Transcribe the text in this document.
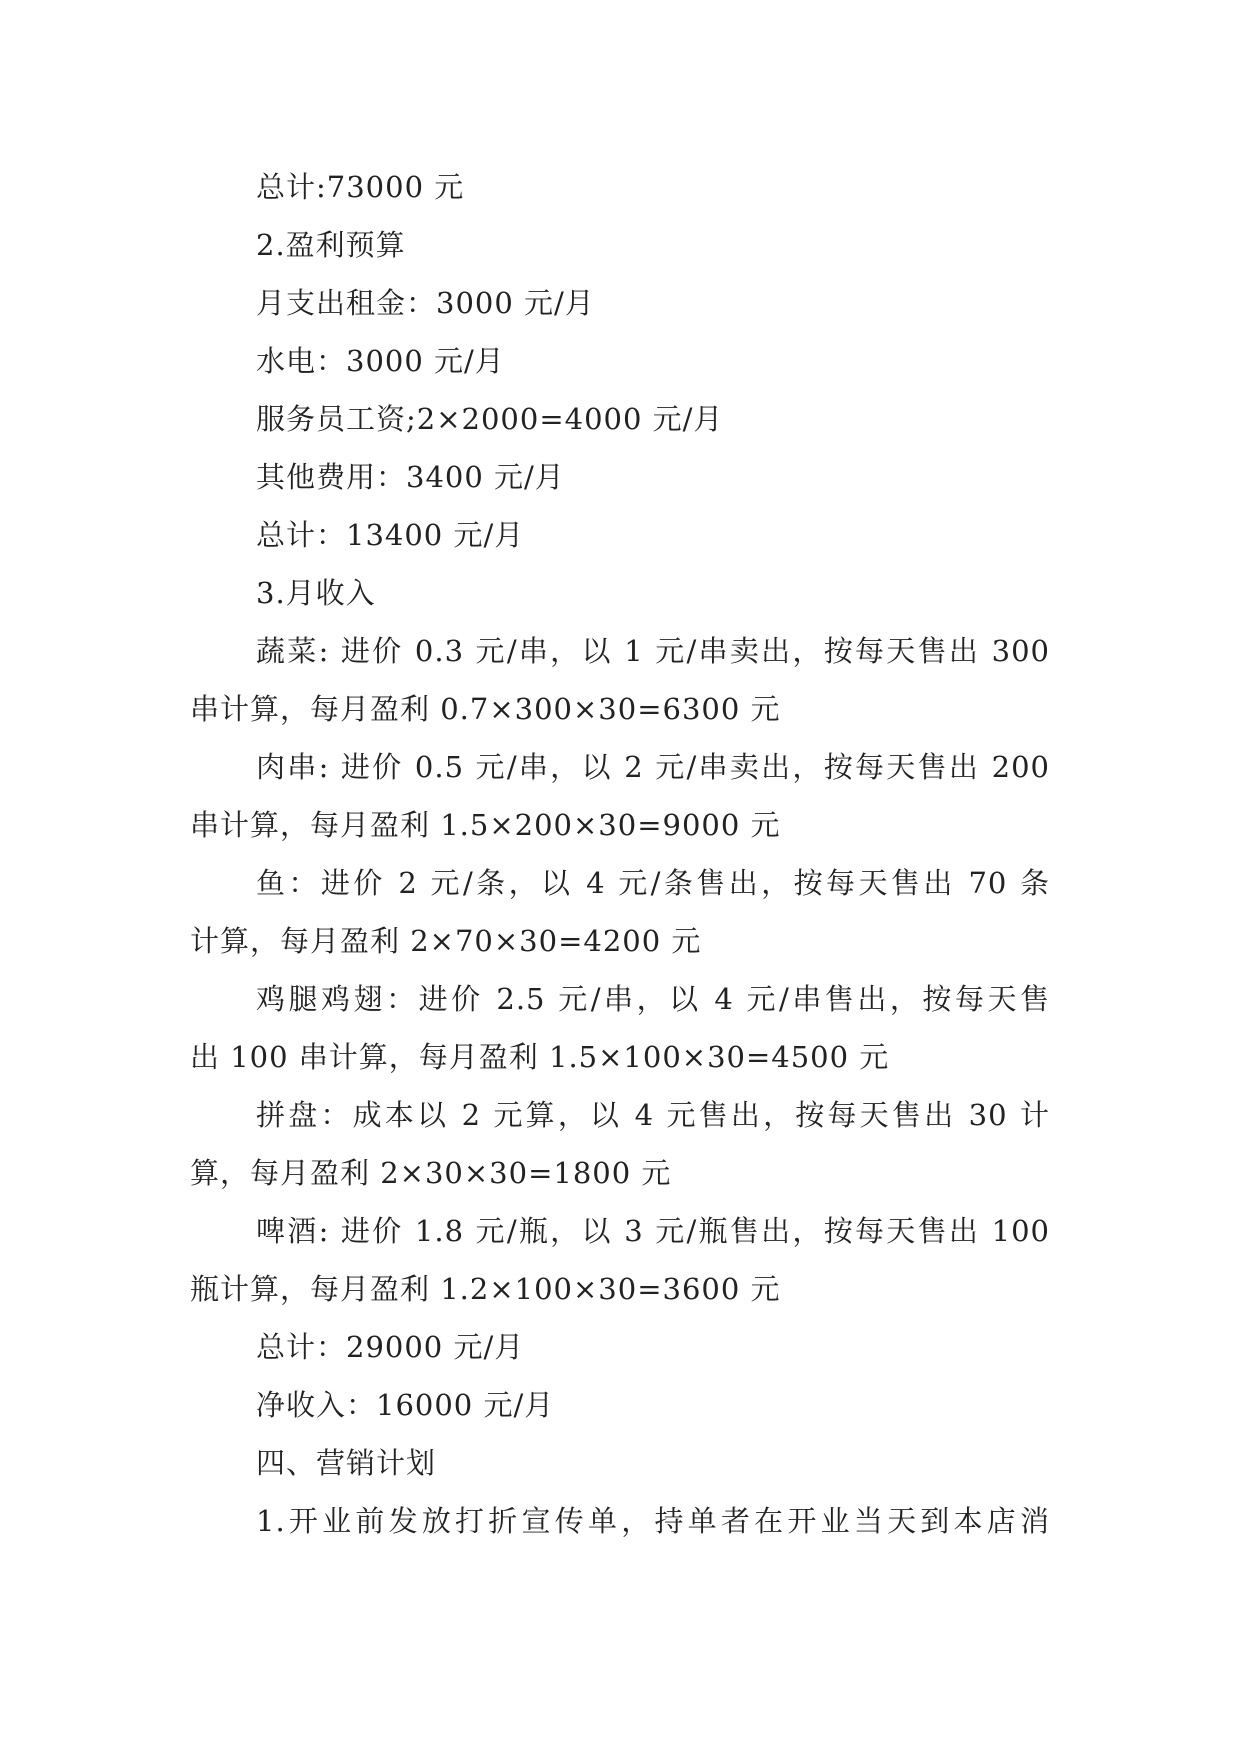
总计:73000 元
2.盈利预算
月支出租金：3000 元/月
水电：3000 元/月
服务员工资;2×2000=4000 元/月
其他费用：3400 元/月
总计：13400 元/月
3.月收入
蔬菜: 进价 0.3 元/串，以 1 元/串卖出，按每天售出 300
串计算，每月盈利 0.7×300×30=6300 元
肉串: 进价 0.5 元/串，以 2 元/串卖出，按每天售出 200
串计算，每月盈利 1.5×200×30=9000 元
鱼：进价 2 元/条，以 4 元/条售出，按每天售出 70 条
计算，每月盈利 2×70×30=4200 元
鸡腿鸡翅：进价 2.5 元/串，以 4 元/串售出，按每天售
出 100 串计算，每月盈利 1.5×100×30=4500 元
拼盘：成本以 2 元算，以 4 元售出，按每天售出 30 计
算，每月盈利 2×30×30=1800 元
啤酒: 进价 1.8 元/瓶，以 3 元/瓶售出，按每天售出 100
瓶计算，每月盈利 1.2×100×30=3600 元
总计：29000 元/月
净收入：16000 元/月
四、营销计划
1.开业前发放打折宣传单，持单者在开业当天到本店消
